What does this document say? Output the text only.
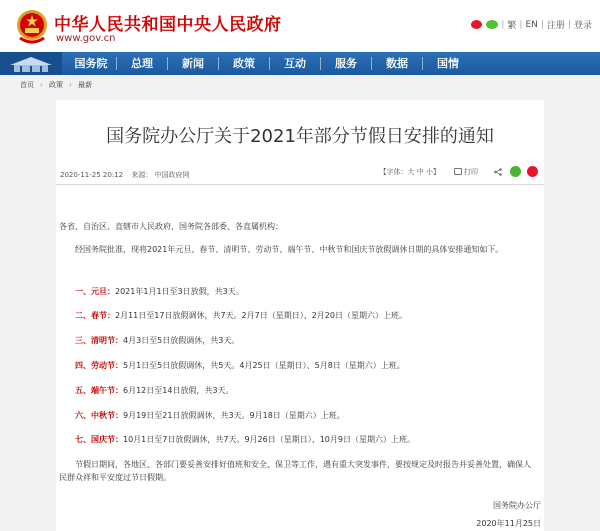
中华人民共和国中央人民政府
www.gov.cn
| 繁 | EN | 注册 | 登录
国务院	总理	新闻	政策	互动	服务	数据	国情
首页 › 政策 › 最新
国务院办公厅关于2021年部分节假日安排的通知
2020-11-25 20:12 来源： 中国政府网	【字体：大 中 小】	打印
各省、自治区、直辖市人民政府，国务院各部委、各直属机构：
经国务院批准，现将2021年元旦、春节、清明节、劳动节、端午节、中秋节和国庆节放假调休日期的具体安排通知如下。
一、元旦：2021年1月1日至3日放假，共3天。
二、春节：2月11日至17日放假调休，共7天。2月7日（星期日）、2月20日（星期六）上班。
三、清明节：4月3日至5日放假调休，共3天。
四、劳动节：5月1日至5日放假调休，共5天。4月25日（星期日）、5月8日（星期六）上班。
五、端午节：6月12日至14日放假，共3天。
六、中秋节：9月19日至21日放假调休，共3天。9月18日（星期六）上班。
七、国庆节：10月1日至7日放假调休，共7天。9月26日（星期日）、10月9日（星期六）上班。
节假日期间，各地区、各部门要妥善安排好值班和安全、保卫等工作，遇有重大突发事件，要按规定及时报告并妥善处置，确保人民群众祥和平安度过节日假期。
国务院办公厅
2020年11月25日
